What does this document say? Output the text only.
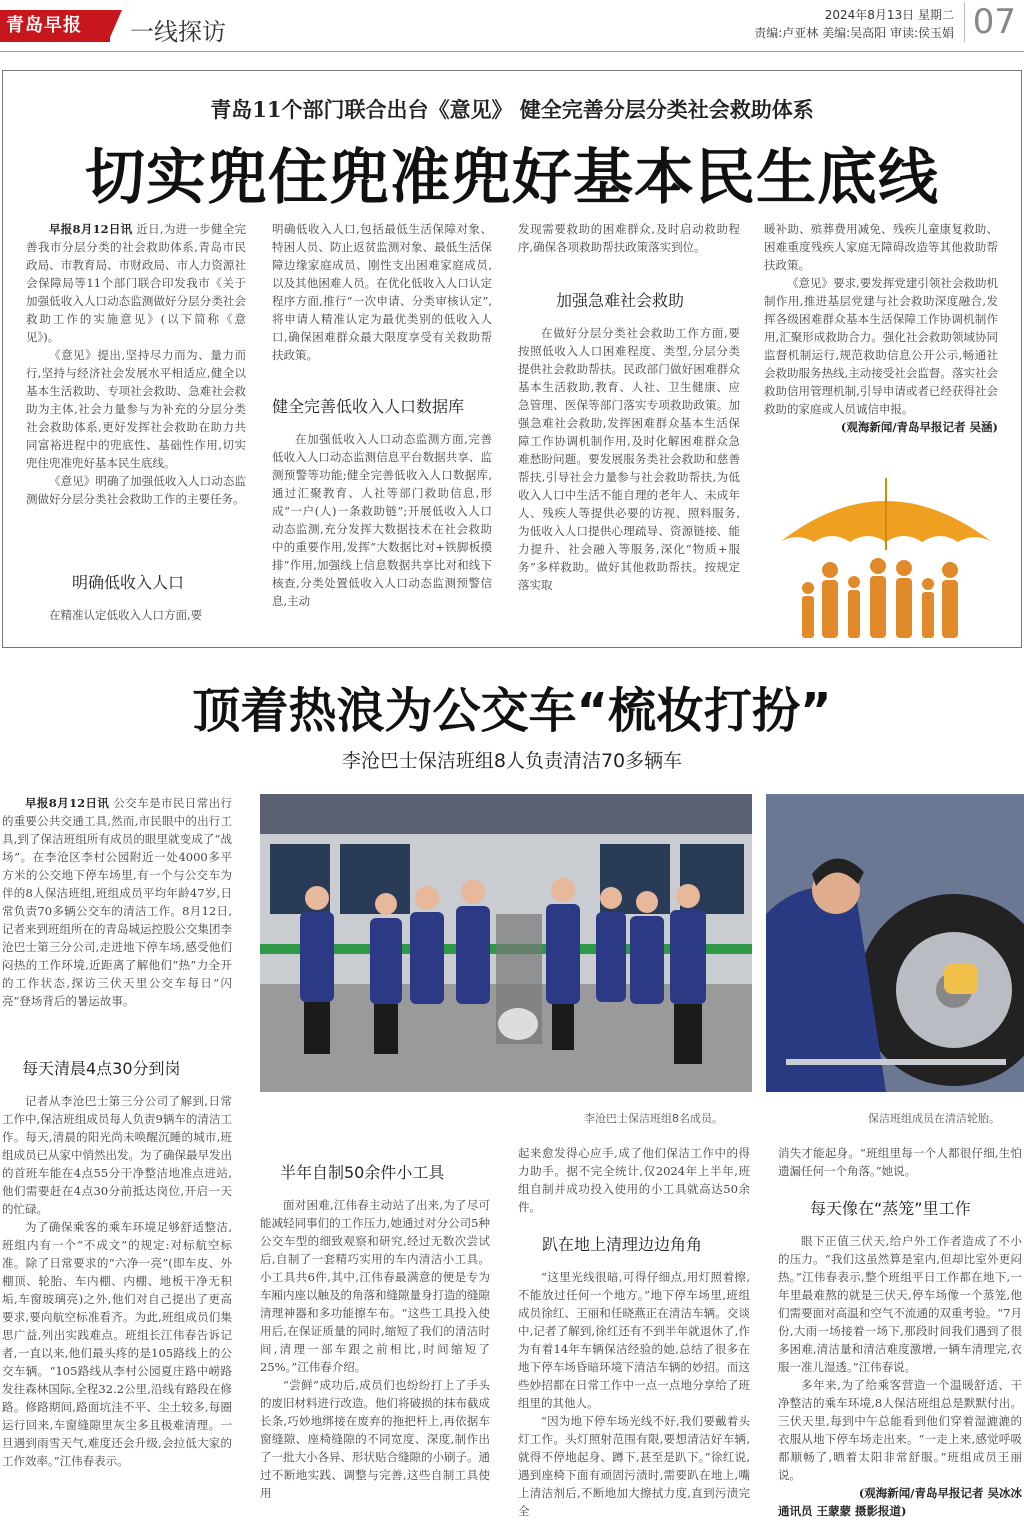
青岛早报	一线探访
2024年8月13日 星期二
责编:卢亚林 美编:吴高阳 审读:侯玉娟 07
青岛11个部门联合出台《意见》 健全完善分层分类社会救助体系
切实兜住兜准兜好基本民生底线

早报8月12日讯 近日,为进一步健全完善我市分层分类的社会救助体系,青岛市民政局、市教育局、市财政局、市人力资源社会保障局等11个部门联合印发我市《关于加强低收入人口动态监测做好分层分类社会救助工作的实施意见》(以下简称《意见》)。

《意见》提出,坚持尽力而为、量力而行,坚持与经济社会发展水平相适应,健全以基本生活救助、专项社会救助、急难社会救助为主体,社会力量参与为补充的分层分类社会救助体系,更好发挥社会救助在助力共同富裕进程中的兜底性、基础性作用,切实兜住兜准兜好基本民生底线。

《意见》明确了加强低收入人口动态监测做好分层分类社会救助工作的主要任务。

明确低收入人口

在精准认定低收入人口方面,要

明确低收入人口,包括最低生活保障对象、特困人员、防止返贫监测对象、最低生活保障边缘家庭成员、刚性支出困难家庭成员,以及其他困难人员。在优化低收入人口认定程序方面,推行“一次申请、分类审核认定”,将申请人精准认定为最优类别的低收入人口,确保困难群众最大限度享受有关救助帮扶政策。

健全完善低收入人口数据库

在加强低收入人口动态监测方面,完善低收入人口动态监测信息平台数据共享、监测预警等功能;健全完善低收入人口数据库,通过汇聚教育、人社等部门救助信息,形成“一户(人)一条救助链”;开展低收入人口动态监测,充分发挥大数据技术在社会救助中的重要作用,发挥“大数据比对+铁脚板摸排”作用,加强线上信息数据共享比对和线下核查,分类处置低收入人口动态监测预警信息,主动

发现需要救助的困难群众,及时启动救助程序,确保各项救助帮扶政策落实到位。

加强急难社会救助

在做好分层分类社会救助工作方面,要按照低收入人口困难程度、类型,分层分类提供社会救助帮扶。民政部门做好困难群众基本生活救助,教育、人社、卫生健康、应急管理、医保等部门落实专项救助政策。加强急难社会救助,发挥困难群众基本生活保障工作协调机制作用,及时化解困难群众急难愁盼问题。要发展服务类社会救助和慈善帮扶,引导社会力量参与社会救助帮扶,为低收入人口中生活不能自理的老年人、未成年人、残疾人等提供必要的访视、照料服务,为低收入人口提供心理疏导、资源链接、能力提升、社会融入等服务,深化“物质+服务”多样救助。做好其他救助帮扶。按规定落实取

暖补助、殡葬费用减免、残疾儿童康复救助、困难重度残疾人家庭无障碍改造等其他救助帮扶政策。

《意见》要求,要发挥党建引领社会救助机制作用,推进基层党建与社会救助深度融合,发挥各级困难群众基本生活保障工作协调机制作用,汇聚形成救助合力。强化社会救助领域协同监督机制运行,规范救助信息公开公示,畅通社会救助服务热线,主动接受社会监督。落实社会救助信用管理机制,引导申请或者已经获得社会救助的家庭或人员诚信申报。

(观海新闻/青岛早报记者 吴涵)

顶着热浪为公交车“梳妆打扮”
李沧巴士保洁班组8人负责清洁70多辆车

早报8月12日讯 公交车是市民日常出行的重要公共交通工具,然而,市民眼中的出行工具,到了保洁班组所有成员的眼里就变成了“战场”。在李沧区李村公园附近一处4000多平方米的公交地下停车场里,有一个与公交车为伴的8人保洁班组,班组成员平均年龄47岁,日常负责70多辆公交车的清洁工作。8月12日,记者来到班组所在的青岛城运控股公交集团李沧巴士第三分公司,走进地下停车场,感受他们闷热的工作环境,近距离了解他们“热”力全开的工作状态,探访三伏天里公交车每日“闪亮”登场背后的暑运故事。

每天清晨4点30分到岗

记者从李沧巴士第三分公司了解到,日常工作中,保洁班组成员每人负责9辆车的清洁工作。每天,清晨的阳光尚未唤醒沉睡的城市,班组成员已从家中悄然出发。为了确保最早发出的首班车能在4点55分干净整洁地准点进站,他们需要赶在4点30分前抵达岗位,开启一天的忙碌。

为了确保乘客的乘车环境足够舒适整洁,班组内有一个“不成文”的规定:对标航空标准。除了日常要求的“六净一亮”(即车皮、外棚顶、轮胎、车内棚、内棚、地板干净无积垢,车窗玻璃亮)之外,他们对自己提出了更高要求,要向航空标准看齐。为此,班组成员们集思广益,列出实践难点。班组长江伟春告诉记者,一直以来,他们最头疼的是105路线上的公交车辆。“105路线从李村公园夏庄路中崂路发往森林国际,全程32.2公里,沿线有路段在修路。修路期间,路面坑洼不平、尘土较多,每圈运行回来,车窗缝隙里灰尘多且极难清理。一旦遇到雨雪天气,难度还会升级,会拉低大家的工作效率。”江伟春表示。

李沧巴士保洁班组8名成员。	保洁班组成员在清洁轮胎。
半年自制50余件小工具

面对困难,江伟春主动站了出来,为了尽可能减轻同事们的工作压力,她通过对分公司5种公交车型的细致观察和研究,经过无数次尝试后,自制了一套精巧实用的车内清洁小工具。小工具共6件,其中,江伟春最满意的便是专为车厢内座以触及的角落和缝隙量身打造的缝隙清理神器和多功能擦车布。“这些工具投入使用后,在保证质量的同时,缩短了我们的清洁时间,清理一部车跟之前相比,时间缩短了25%。”江伟春介绍。

“尝鲜”成功后,成员们也纷纷打上了手头的废旧材料进行改造。他们将破损的抹布截成长条,巧妙地绑接在废弃的拖把杆上,再依据车窗缝隙、座椅缝隙的不同宽度、深度,制作出了一批大小各异、形状贴合缝隙的小刷子。通过不断地实践、调整与完善,这些自制工具使用

起来愈发得心应手,成了他们保洁工作中的得力助手。据不完全统计,仅2024年上半年,班组自制并成功投入使用的小工具就高达50余件。

趴在地上清理边边角角

“这里光线很暗,可得仔细点,用灯照着擦,不能放过任何一个地方。”地下停车场里,班组成员徐红、王丽和任晓燕正在清洁车辆。交谈中,记者了解到,徐红还有不到半年就退休了,作为有着14年车辆保洁经验的她,总结了很多在地下停车场昏暗环境下清洁车辆的妙招。而这些妙招都在日常工作中一点一点地分享给了班组里的其他人。

“因为地下停车场光线不好,我们要戴着头灯工作。头灯照射范围有限,要想清洁好车辆,就得不停地起身、蹲下,甚至是趴下。”徐红说,遇到座椅下面有顽固污渍时,需要趴在地上,嘴上清洁剂后,不断地加大擦拭力度,直到污渍完全

消失才能起身。“班组里每一个人都很仔细,生怕遗漏任何一个角落。”她说。

每天像在“蒸笼”里工作

眼下正值三伏天,给户外工作者造成了不小的压力。“我们这虽然算是室内,但却比室外更闷热。”江伟春表示,整个班组平日工作都在地下,一年里最难熬的就是三伏天,停车场像一个蒸笼,他们需要面对高温和空气不流通的双重考验。“7月份,大雨一场接着一场下,那段时间我们遇到了很多困难,清洁量和清洁难度激增,一辆车清理完,衣服一准儿湿透。”江伟春说。

多年来,为了给乘客营造一个温暖舒适、干净整洁的乘车环境,8人保洁班组总是默默付出。三伏天里,每到中午总能看到他们穿着湿漉漉的衣服从地下停车场走出来。“一走上来,感觉呼吸都顺畅了,晒着太阳非常舒服。”班组成员王丽说。

(观海新闻/青岛早报记者 吴冰冰

通讯员 王蒙蒙 摄影报道)
